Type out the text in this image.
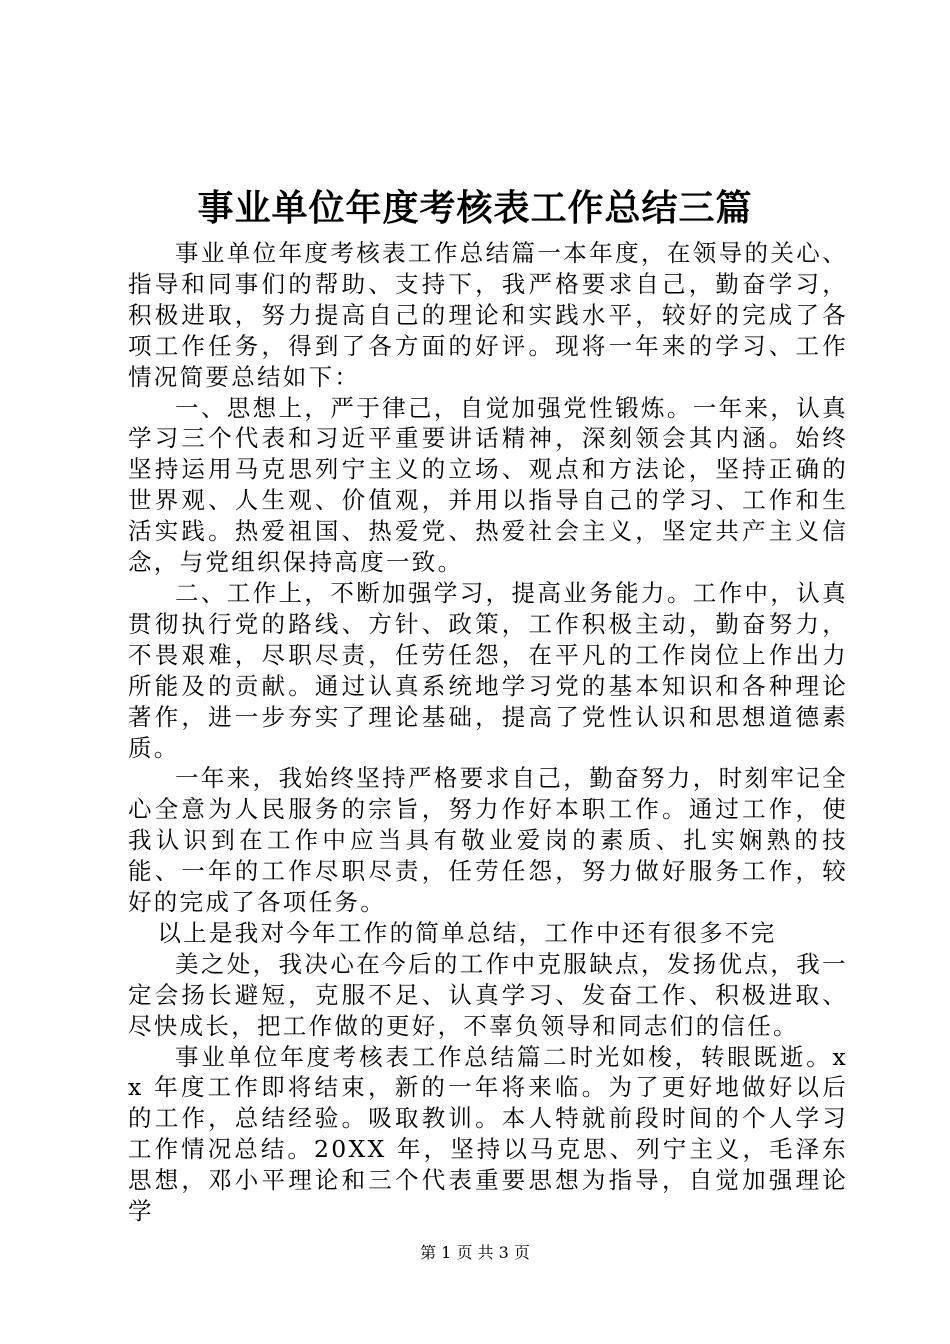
事业单位年度考核表工作总结三篇

事业单位年度考核表工作总结篇一本年度，在领导的关心、指导和同事们的帮助、支持下，我严格要求自己，勤奋学习，积极进取，努力提高自己的理论和实践水平，较好的完成了各项工作任务，得到了各方面的好评。现将一年来的学习、工作情况简要总结如下：

一、思想上，严于律己，自觉加强党性锻炼。一年来，认真学习三个代表和习近平重要讲话精神，深刻领会其内涵。始终坚持运用马克思列宁主义的立场、观点和方法论，坚持正确的世界观、人生观、价值观，并用以指导自己的学习、工作和生活实践。热爱祖国、热爱党、热爱社会主义，坚定共产主义信念，与党组织保持高度一致。

二、工作上，不断加强学习，提高业务能力。工作中，认真贯彻执行党的路线、方针、政策，工作积极主动，勤奋努力，不畏艰难，尽职尽责，任劳任怨，在平凡的工作岗位上作出力所能及的贡献。通过认真系统地学习党的基本知识和各种理论著作，进一步夯实了理论基础，提高了党性认识和思想道德素质。

一年来，我始终坚持严格要求自己，勤奋努力，时刻牢记全心全意为人民服务的宗旨，努力作好本职工作。通过工作，使我认识到在工作中应当具有敬业爱岗的素质、扎实娴熟的技能、一年的工作尽职尽责，任劳任怨，努力做好服务工作，较好的完成了各项任务。

以上是我对今年工作的简单总结，工作中还有很多不完

美之处，我决心在今后的工作中克服缺点，发扬优点，我一定会扬长避短，克服不足、认真学习、发奋工作、积极进取、尽快成长，把工作做的更好，不辜负领导和同志们的信任。

事业单位年度考核表工作总结篇二时光如梭，转眼既逝。xx 年度工作即将结束，新的一年将来临。为了更好地做好以后的工作，总结经验。吸取教训。本人特就前段时间的个人学习工作情况总结。20XX 年，坚持以马克思、列宁主义，毛泽东思想，邓小平理论和三个代表重要思想为指导，自觉加强理论学

第 1 页 共 3 页
